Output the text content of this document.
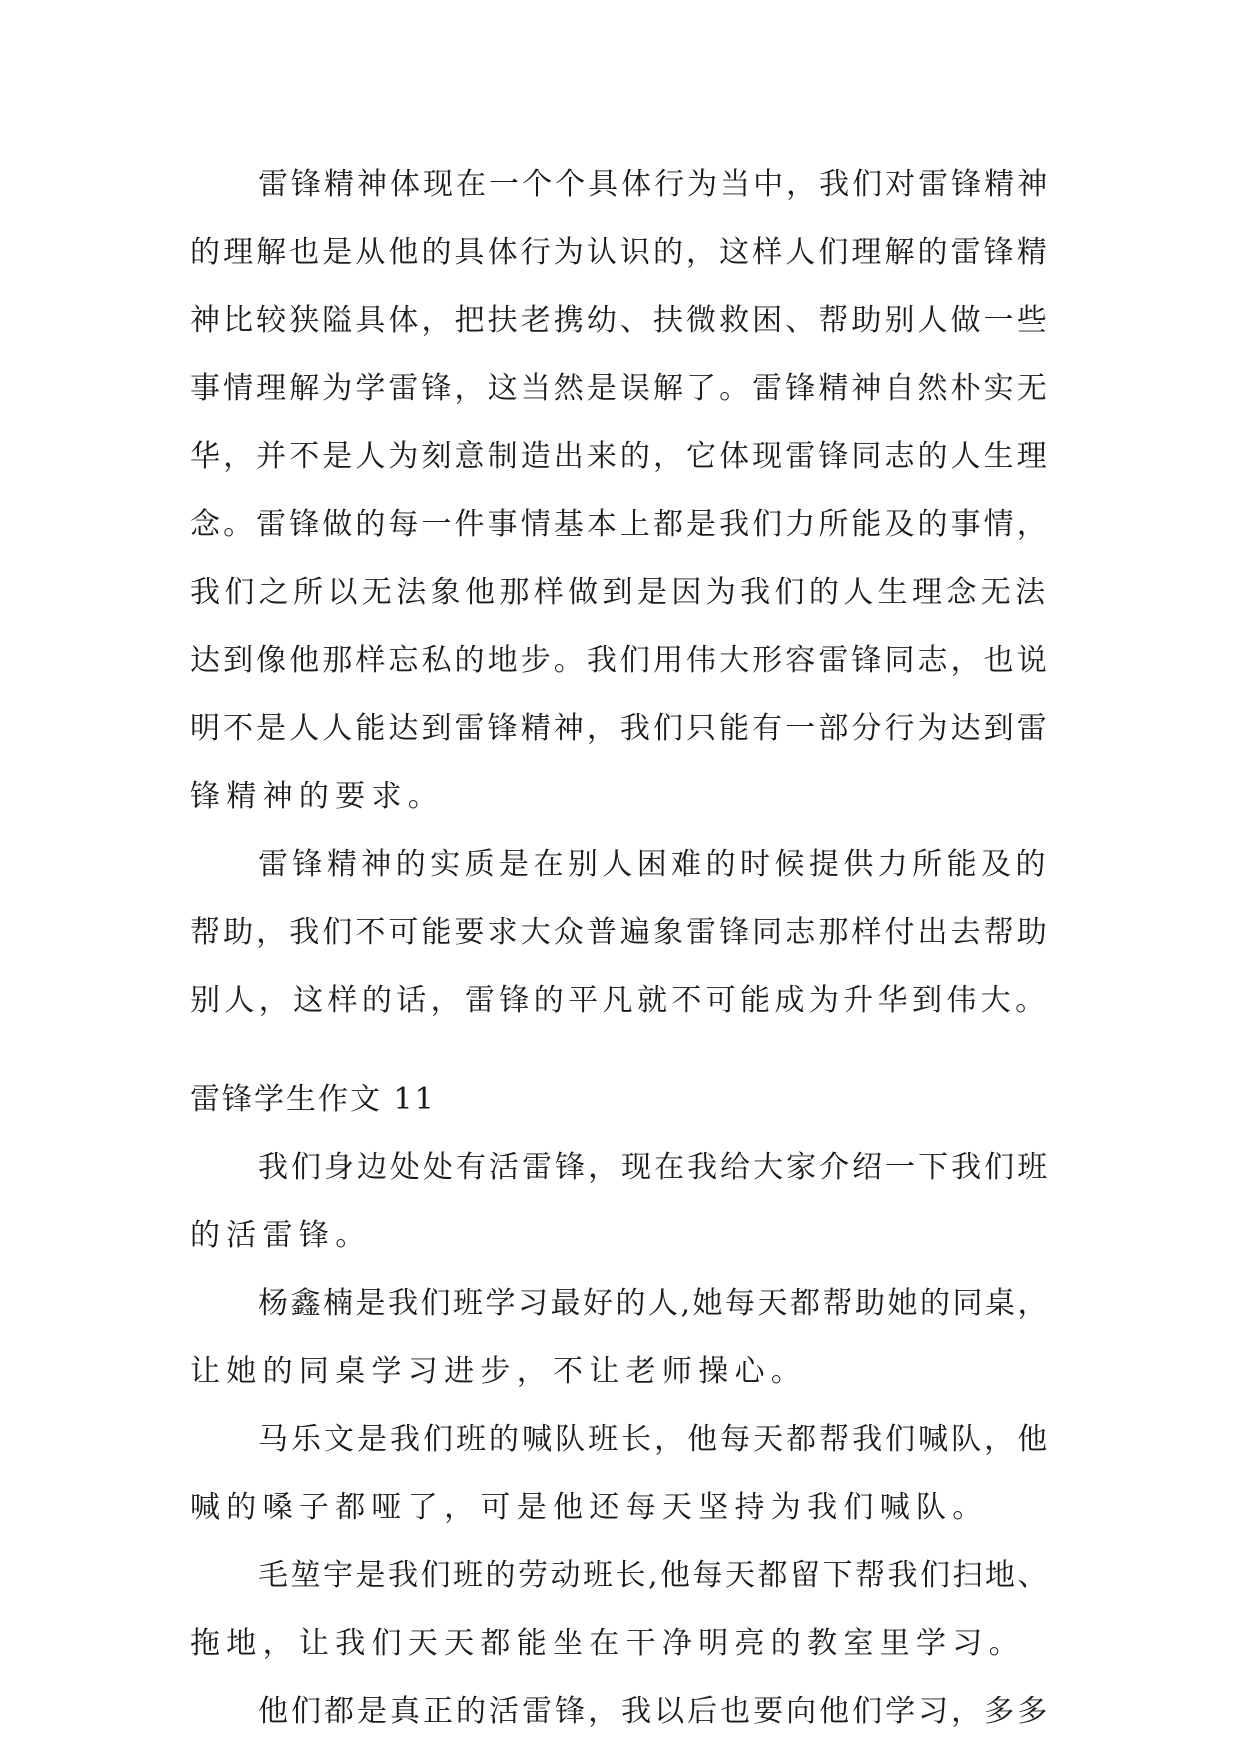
雷锋精神体现在一个个具体行为当中，我们对雷锋精神
的理解也是从他的具体行为认识的，这样人们理解的雷锋精
神比较狭隘具体，把扶老携幼、扶微救困、帮助别人做一些
事情理解为学雷锋，这当然是误解了。雷锋精神自然朴实无
华，并不是人为刻意制造出来的，它体现雷锋同志的人生理
念。雷锋做的每一件事情基本上都是我们力所能及的事情，
我们之所以无法象他那样做到是因为我们的人生理念无法
达到像他那样忘私的地步。我们用伟大形容雷锋同志，也说
明不是人人能达到雷锋精神，我们只能有一部分行为达到雷
锋精神的要求。
雷锋精神的实质是在别人困难的时候提供力所能及的
帮助，我们不可能要求大众普遍象雷锋同志那样付出去帮助
别人，这样的话，雷锋的平凡就不可能成为升华到伟大。
雷锋学生作文 11
我们身边处处有活雷锋，现在我给大家介绍一下我们班
的活雷锋。
杨鑫楠是我们班学习最好的人,她每天都帮助她的同桌，
让她的同桌学习进步，不让老师操心。
马乐文是我们班的喊队班长，他每天都帮我们喊队，他
喊的嗓子都哑了，可是他还每天坚持为我们喊队。
毛堃宇是我们班的劳动班长,他每天都留下帮我们扫地、
拖地，让我们天天都能坐在干净明亮的教室里学习。
他们都是真正的活雷锋，我以后也要向他们学习，多多
